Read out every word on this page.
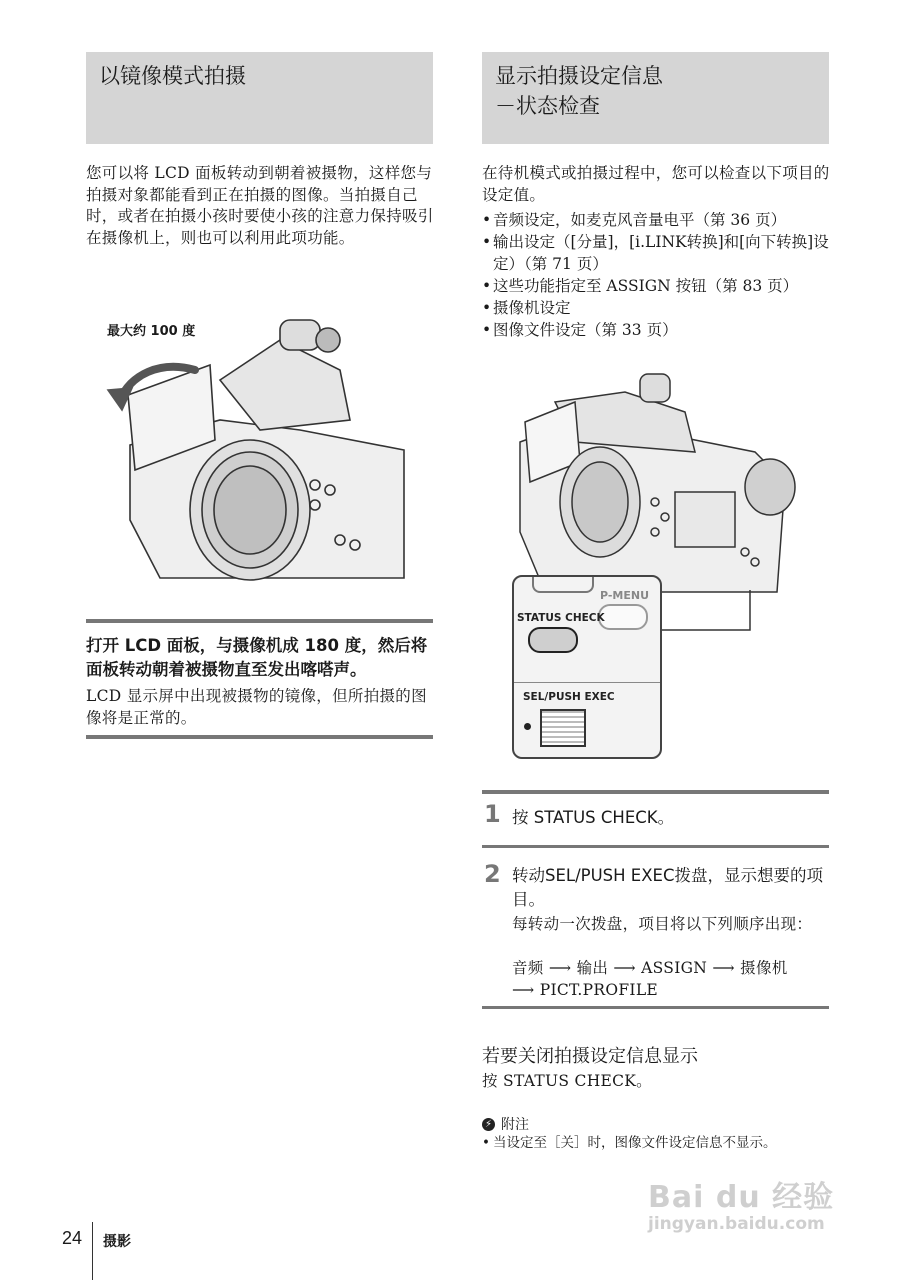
以镜像模式拍摄
您可以将 LCD 面板转动到朝着被摄物，这样您与拍摄对象都能看到正在拍摄的图像。当拍摄自己时，或者在拍摄小孩时要使小孩的注意力保持吸引在摄像机上，则也可以利用此项功能。
最大约 100 度
打开 LCD 面板，与摄像机成 180 度，然后将面板转动朝着被摄物直至发出喀嗒声。
LCD 显示屏中出现被摄物的镜像，但所拍摄的图像将是正常的。
显示拍摄设定信息
－状态检查
在待机模式或拍摄过程中，您可以检查以下项目的设定值。
• 音频设定，如麦克风音量电平（第 36 页）
• 输出设定（[分量]，[i.LINK转换]和[向下转换]设定）（第 71 页）
• 这些功能指定至 ASSIGN 按钮（第 83 页）
• 摄像机设定
• 图像文件设定（第 33 页）
P-MENU
STATUS CHECK
SEL/PUSH EXEC
1 按 STATUS CHECK。
2 转动SEL/PUSH EXEC拨盘，显示想要的项目。
每转动一次拨盘，项目将以下列顺序出现：
音频 ⟶ 输出 ⟶ ASSIGN ⟶ 摄像机
⟶ PICT.PROFILE
若要关闭拍摄设定信息显示
按 STATUS CHECK。
⚡ 附注
• 当设定至［关］时，图像文件设定信息不显示。
24 摄影
Bai du 经验
jingyan.baidu.com
